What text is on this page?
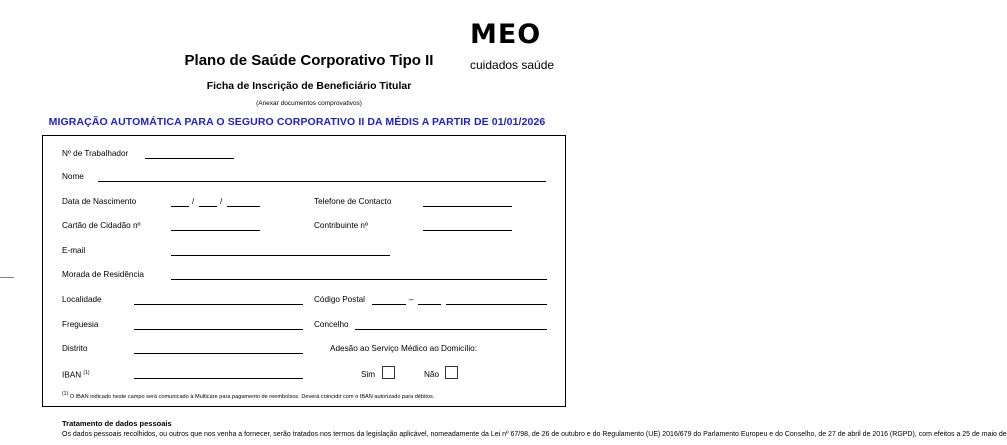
MEO
cuidados saúde
Plano de Saúde Corporativo Tipo II
Ficha de Inscrição de Beneficiário Titular
(Anexar documentos comprovativos)
MIGRAÇÃO AUTOMÁTICA PARA O SEGURO CORPORATIVO II DA MÉDIS A PARTIR DE 01/01/2026
Nº de Trabalhador
Nome
Data de Nascimento	/	/	Telefone de Contacto
Cartão de Cidadão nº	Contribuinte nº
E-mail
Morada de Residência
Localidade	Código Postal	–
Freguesia	Concelho
Distrito	Adesão ao Serviço Médico ao Domicílio:
IBAN $^{(1)}$	Sim	Não
$^{(1)}$ O IBAN indicado neste campo será comunicado à Multicare para pagamento de reembolsos. Deverá coincidir com o IBAN autorizado para débitos.
Tratamento de dados pessoais
Os dados pessoais recolhidos, ou outros que nos venha a fornecer, serão tratados nos termos da legislação aplicável, nomeadamente da Lei nº 67/98, de 26 de outubro e do Regulamento (UE) 2016/679 do Parlamento Europeu e do Conselho, de 27 de abril de 2016 (RGPD), com efeitos a 25 de maio de
